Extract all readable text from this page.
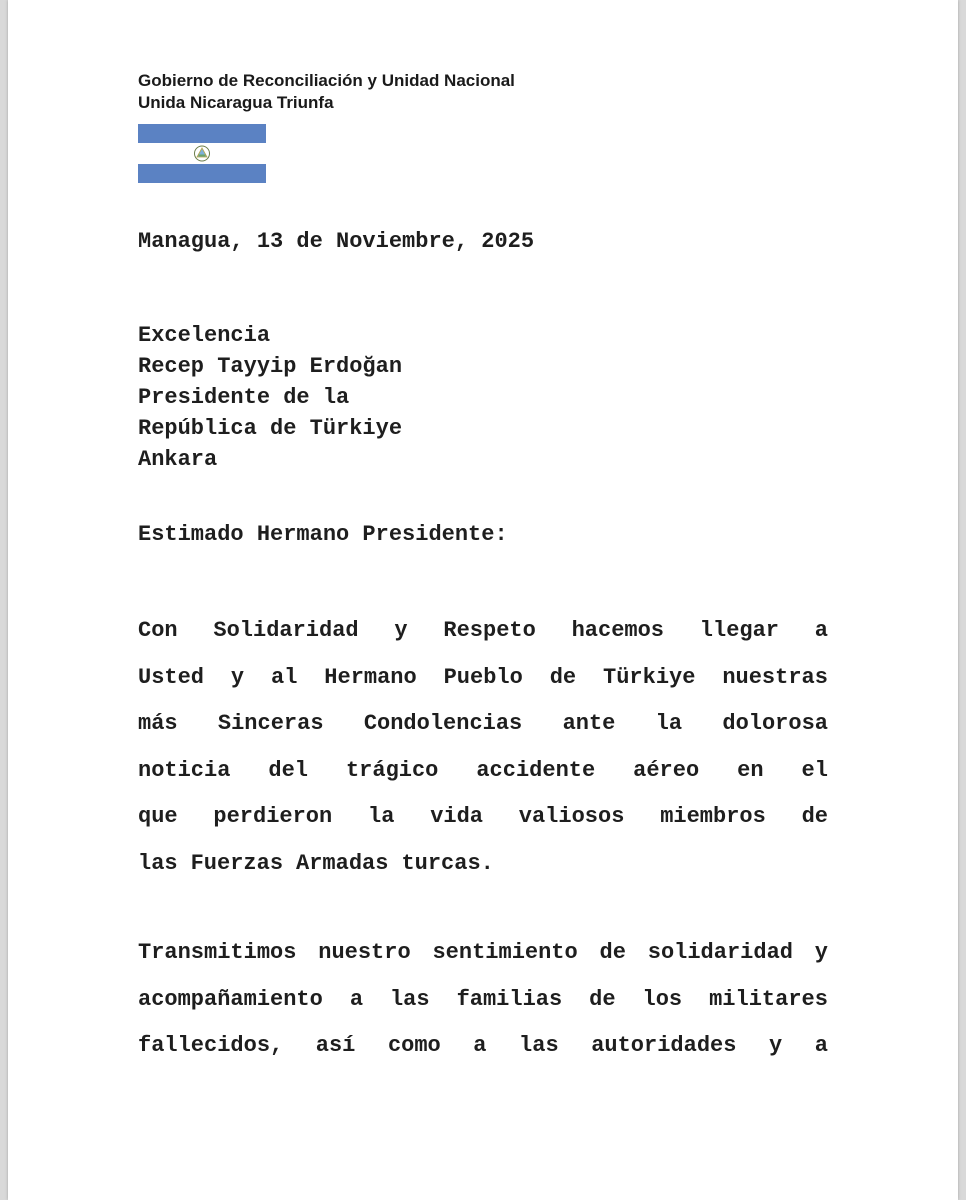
Gobierno de Reconciliación y Unidad Nacional
Unida Nicaragua Triunfa
Managua, 13 de Noviembre, 2025
Excelencia
Recep Tayyip Erdoğan
Presidente de la
República de Türkiye
Ankara
Estimado Hermano Presidente:
Con Solidaridad y Respeto hacemos llegar a
Usted y al Hermano Pueblo de Türkiye nuestras
más Sinceras Condolencias ante la dolorosa
noticia del trágico accidente aéreo en el
que perdieron la vida valiosos miembros de
las Fuerzas Armadas turcas.
Transmitimos nuestro sentimiento de solidaridad y
acompañamiento a las familias de los militares
fallecidos, así como a las autoridades y a
